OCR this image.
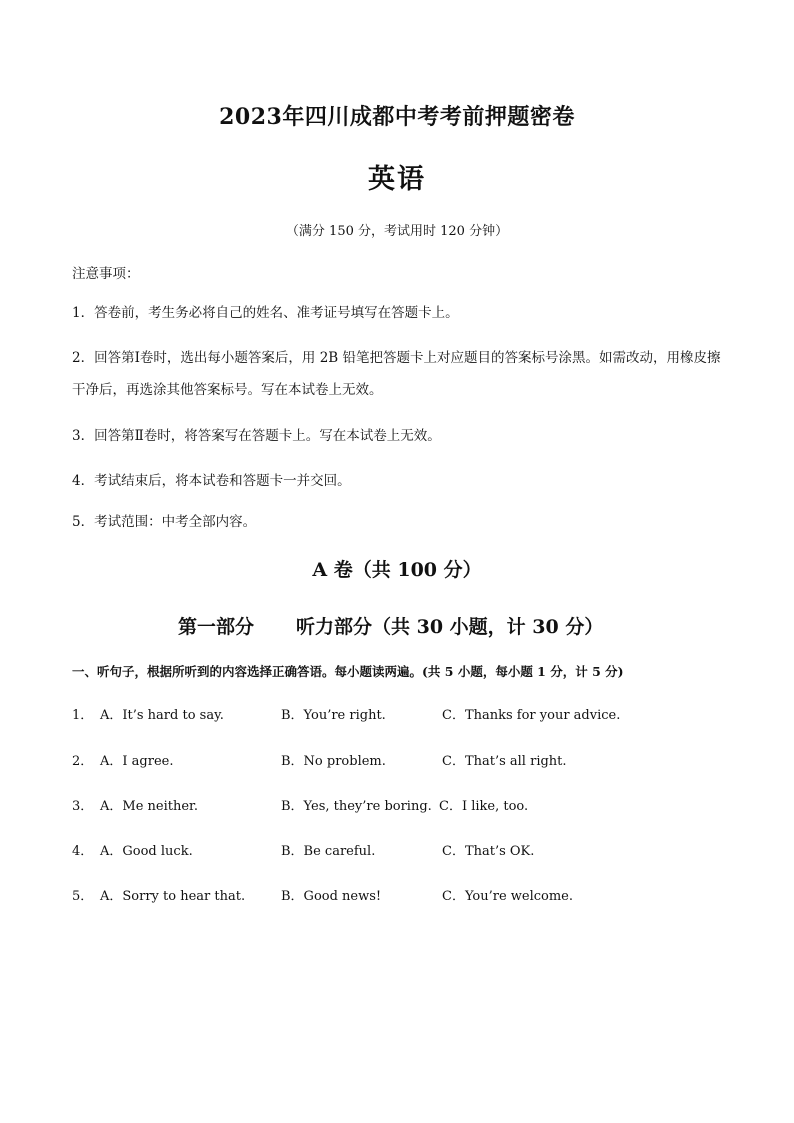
2023年四川成都中考考前押题密卷
英语
（满分 150 分，考试用时 120 分钟）
注意事项：
1．答卷前，考生务必将自己的姓名、准考证号填写在答题卡上。
2．回答第Ⅰ卷时，选出每小题答案后，用 2B 铅笔把答题卡上对应题目的答案标号涂黑。如需改动，用橡皮擦干净后，再选涂其他答案标号。写在本试卷上无效。
3．回答第Ⅱ卷时，将答案写在答题卡上。写在本试卷上无效。
4．考试结束后，将本试卷和答题卡一并交回。
5．考试范围：中考全部内容。
A 卷（共 100 分）
第一部分 听力部分（共 30 小题，计 30 分）
一、听句子，根据所听到的内容选择正确答语。每小题读两遍。(共 5 小题，每小题 1 分，计 5 分)
1． A．It’s hard to say.	B．You’re right.	C．Thanks for your advice.
2． A．I agree.	B．No problem.	C．That’s all right.
3． A．Me neither.	B．Yes, they’re boring. C．I like, too.
4． A．Good luck.	B．Be careful.	C．That’s OK.
5． A．Sorry to hear that.	B．Good news!	C．You’re welcome.
